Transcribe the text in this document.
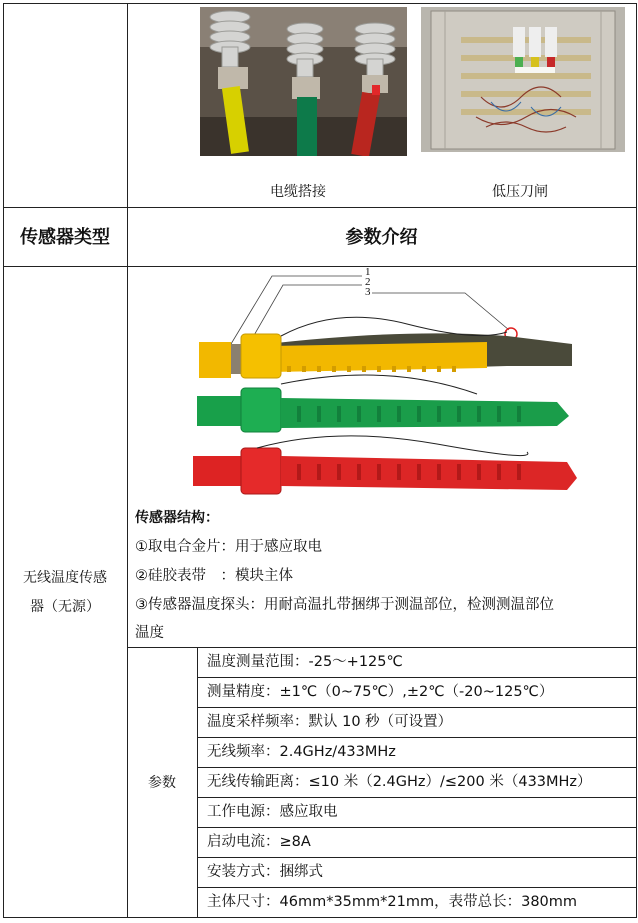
电缆搭接	低压刀闸
传感器类型	参数介绍
无线温度传感
器（无源）
1
2
3
传感器结构：
①取电合金片：用于感应取电
②硅胶表带　：模块主体
③传感器温度探头：用耐高温扎带捆绑于测温部位，检测测温部位
温度
参数
温度测量范围：-25～+125℃
测量精度：±1℃（0~75℃）,±2℃（-20~125℃）
温度采样频率：默认 10 秒（可设置）
无线频率：2.4GHz/433MHz
无线传输距离：≤10 米（2.4GHz）/≤200 米（433MHz）
工作电源：感应取电
启动电流：≥8A
安装方式：捆绑式
主体尺寸：46mm*35mm*21mm，表带总长：380mm
